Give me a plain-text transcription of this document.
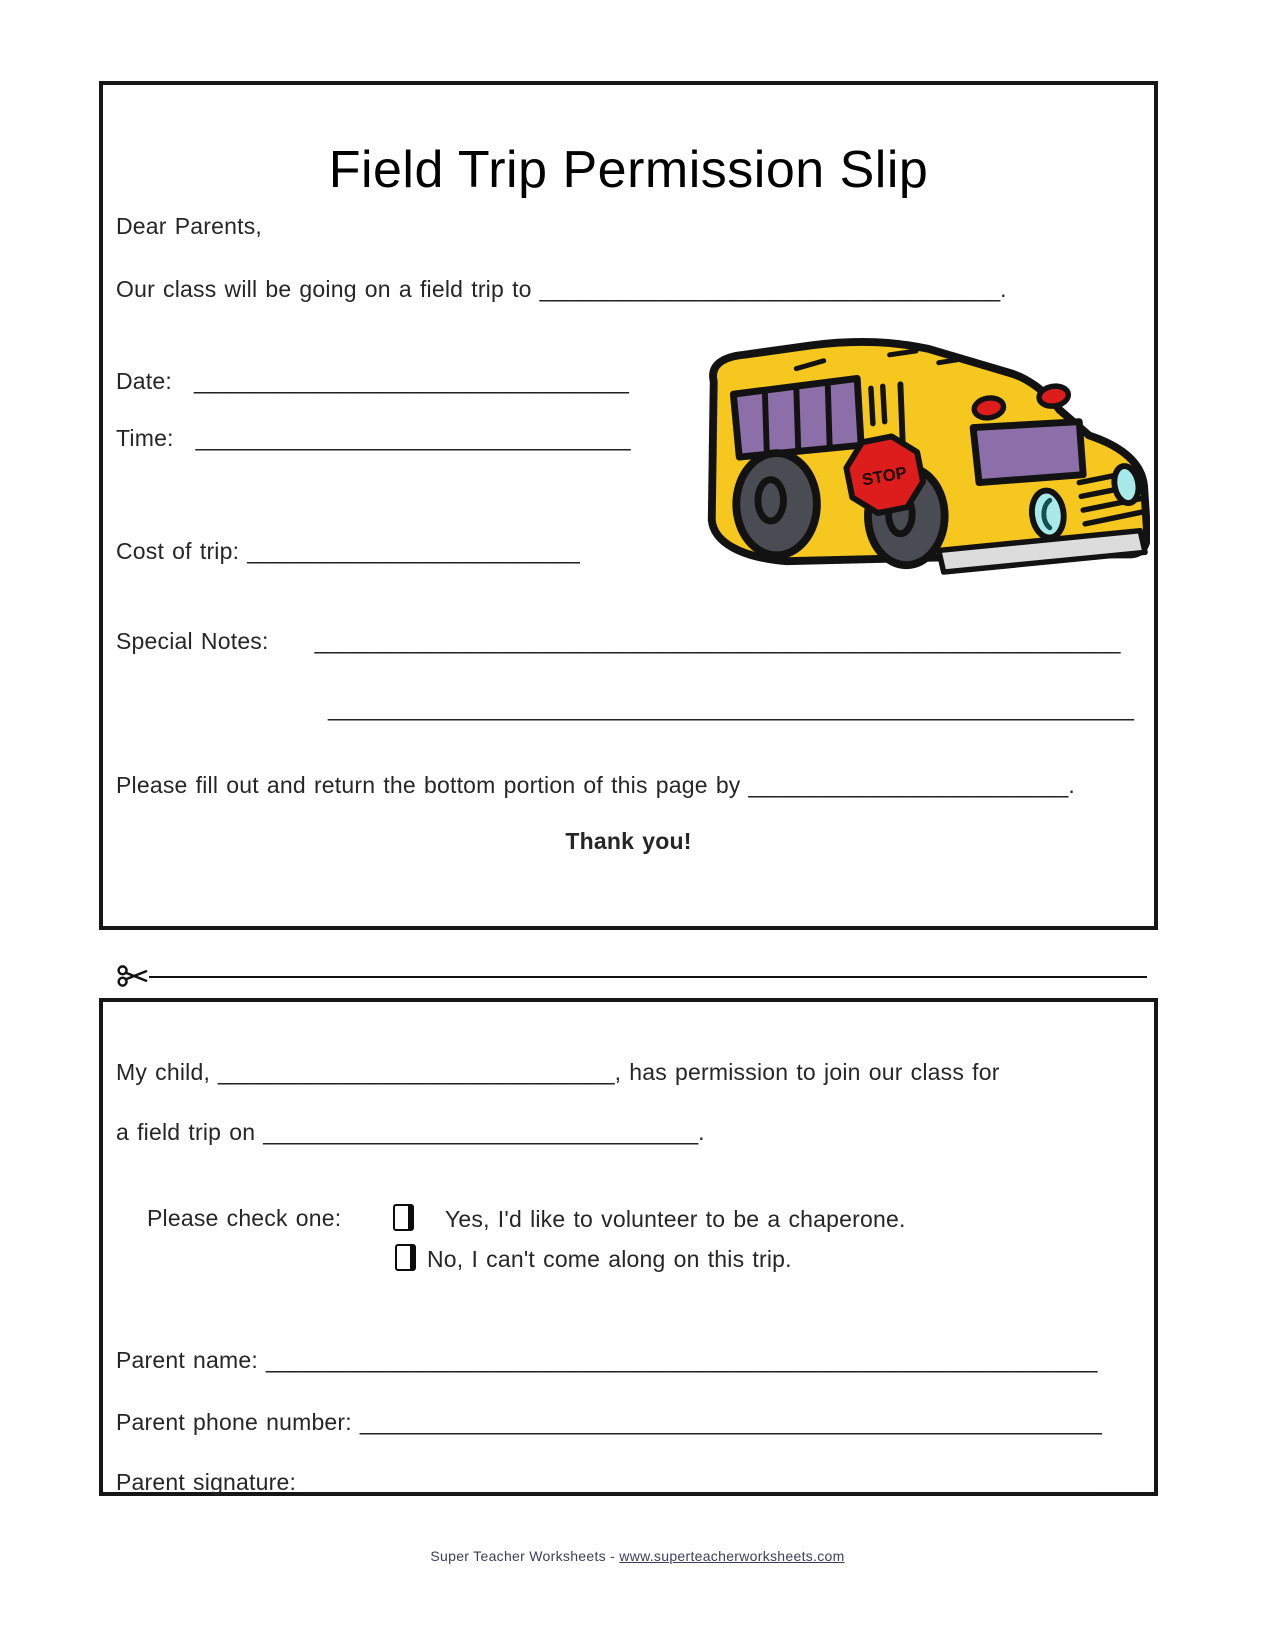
Field Trip Permission Slip
Dear Parents,
Our class will be going on a field trip to ____________________________________.
Date: __________________________________
Time: __________________________________
Cost of trip: __________________________
Special Notes: _______________________________________________________________
_______________________________________________________________
Please fill out and return the bottom portion of this page by _________________________.
Thank you!
STOP
My child, _______________________________, has permission to join our class for
a field trip on __________________________________.
Please check one:	Yes, I'd like to volunteer to be a chaperone.
No, I can't come along on this trip.
Parent name: _________________________________________________________________
Parent phone number: __________________________________________________________
Parent signature: ______________________________________________________________
Super Teacher Worksheets - www.superteacherworksheets.com
